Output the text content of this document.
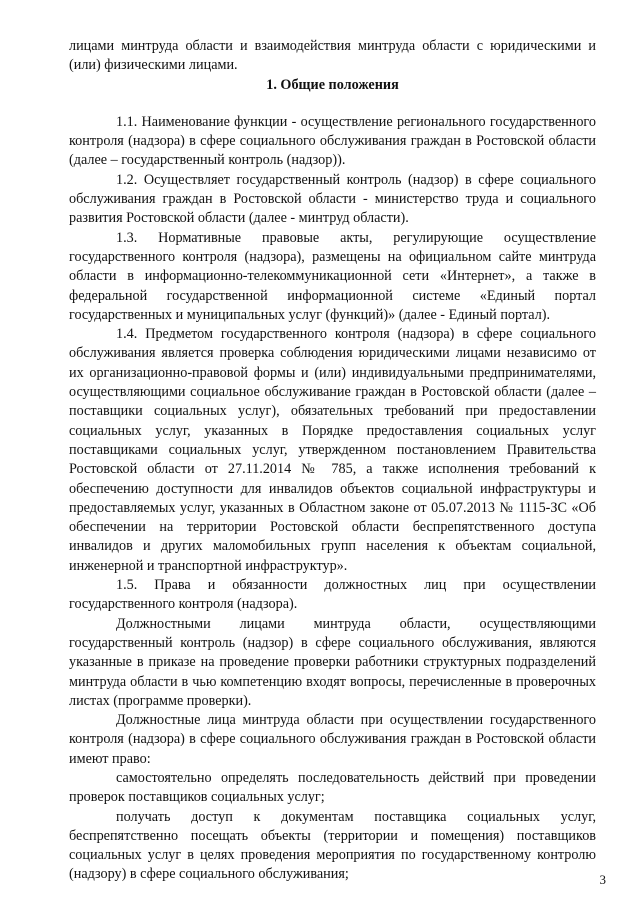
лицами минтруда области и взаимодействия минтруда области с юридическими и (или) физическими лицами.

1. Общие положения

1.1. Наименование функции - осуществление регионального государственного контроля (надзора) в сфере социального обслуживания граждан в Ростовской области (далее – государственный контроль (надзор)).

1.2. Осуществляет государственный контроль (надзор) в сфере социального обслуживания граждан в Ростовской области - министерство труда и социального развития Ростовской области (далее - минтруд области).

1.3. Нормативные правовые акты, регулирующие осуществление государственного контроля (надзора), размещены на официальном сайте минтруда области в информационно-телекоммуникационной сети «Интернет», а также в федеральной государственной информационной системе «Единый портал государственных и муниципальных услуг (функций)» (далее - Единый портал).

1.4. Предметом государственного контроля (надзора) в сфере социального обслуживания является проверка соблюдения юридическими лицами независимо от их организационно-правовой формы и (или) индивидуальными предпринимателями, осуществляющими социальное обслуживание граждан в Ростовской области (далее – поставщики социальных услуг), обязательных требований при предоставлении социальных услуг, указанных в Порядке предоставления социальных услуг поставщиками социальных услуг, утвержденном постановлением Правительства Ростовской области от 27.11.2014 № 785, а также исполнения требований к обеспечению доступности для инвалидов объектов социальной инфраструктуры и предоставляемых услуг, указанных в Областном законе от 05.07.2013 № 1115-ЗС «Об обеспечении на территории Ростовской области беспрепятственного доступа инвалидов и других маломобильных групп населения к объектам социальной, инженерной и транспортной инфраструктур».

1.5. Права и обязанности должностных лиц при осуществлении государственного контроля (надзора).

Должностными лицами минтруда области, осуществляющими государственный контроль (надзор) в сфере социального обслуживания, являются указанные в приказе на проведение проверки работники структурных подразделений минтруда области в чью компетенцию входят вопросы, перечисленные в проверочных листах (программе проверки).

Должностные лица минтруда области при осуществлении государственного контроля (надзора) в сфере социального обслуживания граждан в Ростовской области имеют право:

самостоятельно определять последовательность действий при проведении проверок поставщиков социальных услуг;

получать доступ к документам поставщика социальных услуг, беспрепятственно посещать объекты (территории и помещения) поставщиков социальных услуг в целях проведения мероприятия по государственному контролю (надзору) в сфере социального обслуживания;	3
